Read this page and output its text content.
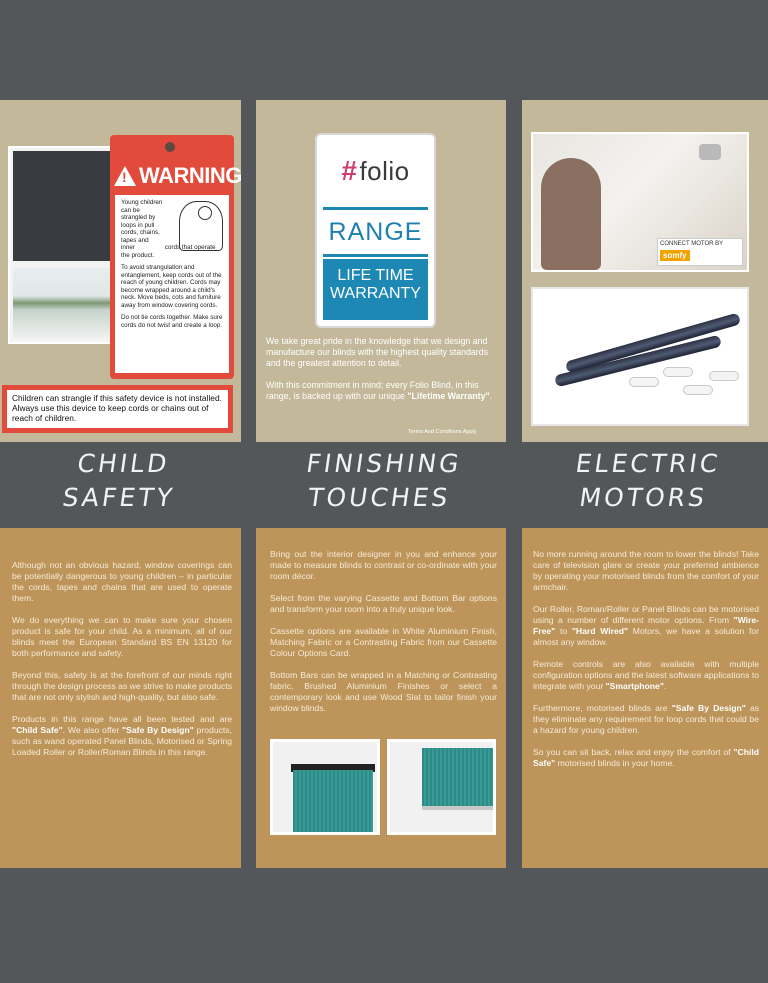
!
WARNING

Young children can be strangled by loops in pull cords, chains, tapes and inner	cords that operate the product.

To avoid strangulation and entanglement, keep cords out of the reach of young children. Cords may become wrapped around a child's neck. Move beds, cots and furniture away from window covering cords.

Do not tie cords together. Make sure cords do not twist and create a loop.

Children can strangle if this safety device is not installed. Always use this device to keep cords or chains out of reach of children.
# folio
RANGE
LIFE TIME
WARRANTY

We take great pride in the knowledge that we design and manufacture our blinds with the highest quality standards and the greatest attention to detail.

With this commitment in mind; every Folio Blind, in this range, is backed up with our unique "Lifetime Warranty".

Terms And Conditions Apply
CONNECT MOTOR BY
somfy
CHILD
SAFETY
FINISHING
TOUCHES
ELECTRIC
MOTORS

Although not an obvious hazard, window coverings can be potentially dangerous to young children – in particular the cords, tapes and chains that are used to operate them.

We do everything we can to make sure your chosen product is safe for your child. As a minimum, all of our blinds meet the European Standard BS EN 13120 for both performance and safety.

Beyond this, safety is at the forefront of our minds right through the design process as we strive to make products that are not only stylish and high-quality, but also safe.

Products in this range have all been tested and are "Child Safe". We also offer "Safe By Design" products, such as wand operated Panel Blinds, Motorised or Spring Loaded Roller or Roller/Roman Blinds in this range.

Bring out the interior designer in you and enhance your made to measure blinds to contrast or co-ordinate with your room décor.

Select from the varying Cassette and Bottom Bar options and transform your room into a truly unique look.

Cassette options are available in White Aluminium Finish, Matching Fabric or a Contrasting Fabric from our Cassette Colour Options Card.

Bottom Bars can be wrapped in a Matching or Contrasting fabric, Brushed Aluminium Finishes or select a contemporary look and use Wood Slat to tailor finish your window blinds.

No more running around the room to lower the blinds! Take care of television glare or create your preferred ambience by operating your motorised blinds from the comfort of your armchair.

Our Roller, Roman/Roller or Panel Blinds can be motorised using a number of different motor options. From "Wire-Free" to "Hard Wired" Motors, we have a solution for almost any window.

Remote controls are also available with multiple configuration options and the latest software applications to integrate with your "Smartphone".

Furthermore, motorised blinds are "Safe By Design" as they eliminate any requirement for loop cords that could be a hazard for young children.

So you can sit back, relax and enjoy the comfort of "Child Safe" motorised blinds in your home.
